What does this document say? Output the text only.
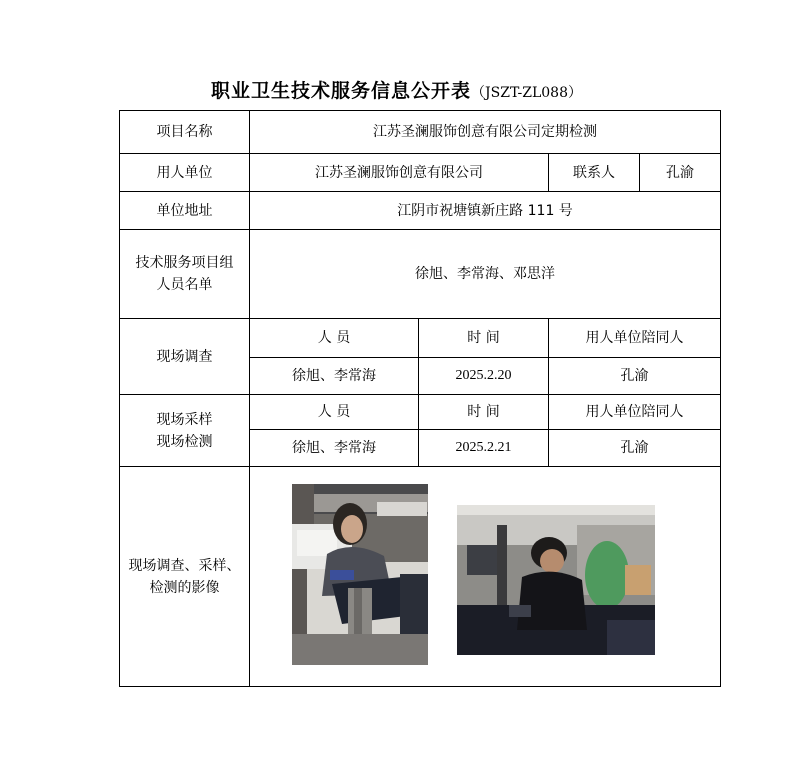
职业卫生技术服务信息公开表（JSZT-ZL088）
项目名称	江苏圣澜服饰创意有限公司定期检测			
用人单位	江苏圣澜服饰创意有限公司		联系人	孔渝
单位地址	江阴市祝塘镇新庄路 111 号			

技术服务项目组
人员名单	徐旭、李常海、邓思洋			
现场调查	人 员	时 间	用人单位陪同人	
	徐旭、李常海	2025.2.20	孔渝	

现场采样
现场检测	人 员	时 间	用人单位陪同人	
	徐旭、李常海	2025.2.21	孔渝	

现场调查、采样、
检测的影像
